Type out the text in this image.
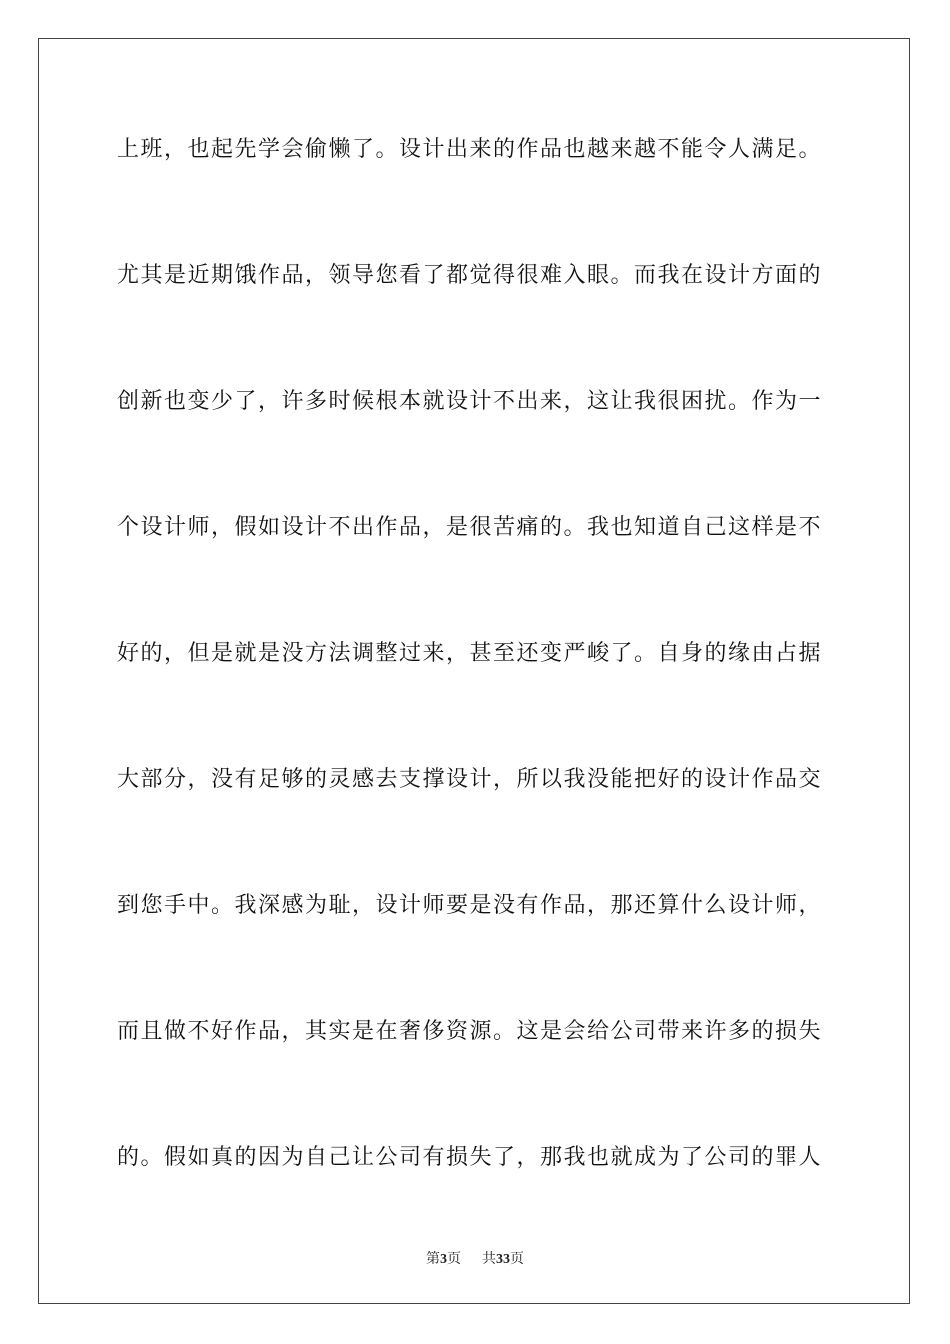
上班，也起先学会偷懒了。设计出来的作品也越来越不能令人满足。
尤其是近期饿作品，领导您看了都觉得很难入眼。而我在设计方面的
创新也变少了，许多时候根本就设计不出来，这让我很困扰。作为一
个设计师，假如设计不出作品，是很苦痛的。我也知道自己这样是不
好的，但是就是没方法调整过来，甚至还变严峻了。自身的缘由占据
大部分，没有足够的灵感去支撑设计，所以我没能把好的设计作品交
到您手中。我深感为耻，设计师要是没有作品，那还算什么设计师，
而且做不好作品，其实是在奢侈资源。这是会给公司带来许多的损失
的。假如真的因为自己让公司有损失了，那我也就成为了公司的罪人
第3页 共33页
